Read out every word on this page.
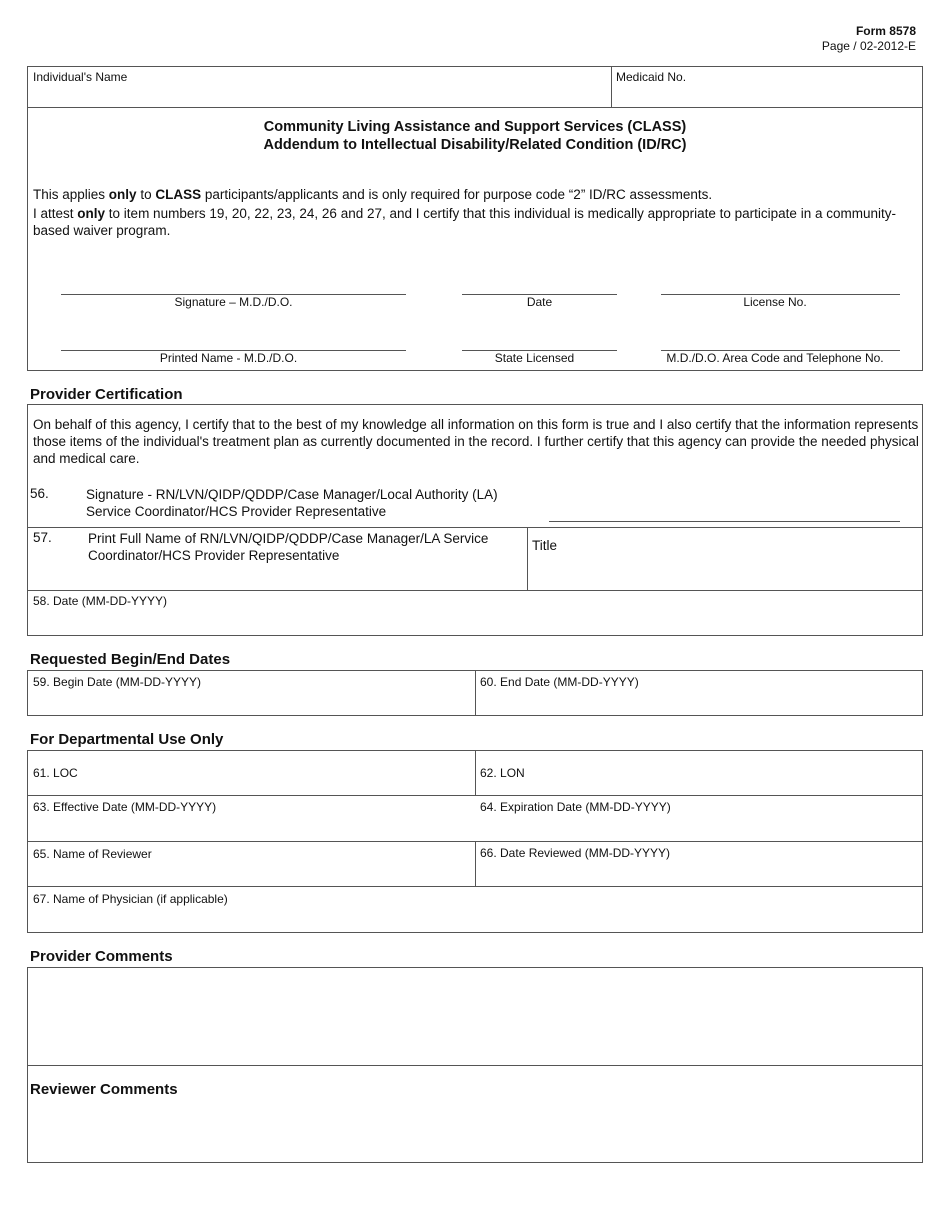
Form 8578
Page / 02-2012-E
Individual's Name	Medicaid No.
Community Living Assistance and Support Services (CLASS)
Addendum to Intellectual Disability/Related Condition (ID/RC)
This applies only to CLASS participants/applicants and is only required for purpose code “2” ID/RC assessments.
I attest only to item numbers 19, 20, 22, 23, 24, 26 and 27, and I certify that this individual is medically appropriate to participate in a community-based waiver program.
Signature – M.D./D.O.	Date	License No.
Printed Name - M.D./D.O.	State Licensed	M.D./D.O. Area Code and Telephone No.
Provider Certification
On behalf of this agency, I certify that to the best of my knowledge all information on this form is true and I also certify that the information represents those items of the individual's treatment plan as currently documented in the record. I further certify that this agency can provide the needed physical and medical care.
56.	Signature - RN/LVN/QIDP/QDDP/Case Manager/Local Authority (LA)
Service Coordinator/HCS Provider Representative
57.	Print Full Name of RN/LVN/QIDP/QDDP/Case Manager/LA Service
Coordinator/HCS Provider Representative
Title
58. Date (MM-DD-YYYY)
Requested Begin/End Dates
59. Begin Date (MM-DD-YYYY)	60. End Date (MM-DD-YYYY)
For Departmental Use Only
61. LOC	62. LON
63. Effective Date (MM-DD-YYYY)	64. Expiration Date (MM-DD-YYYY)
65. Name of Reviewer	66. Date Reviewed (MM-DD-YYYY)
67. Name of Physician (if applicable)
Provider Comments
Reviewer Comments
